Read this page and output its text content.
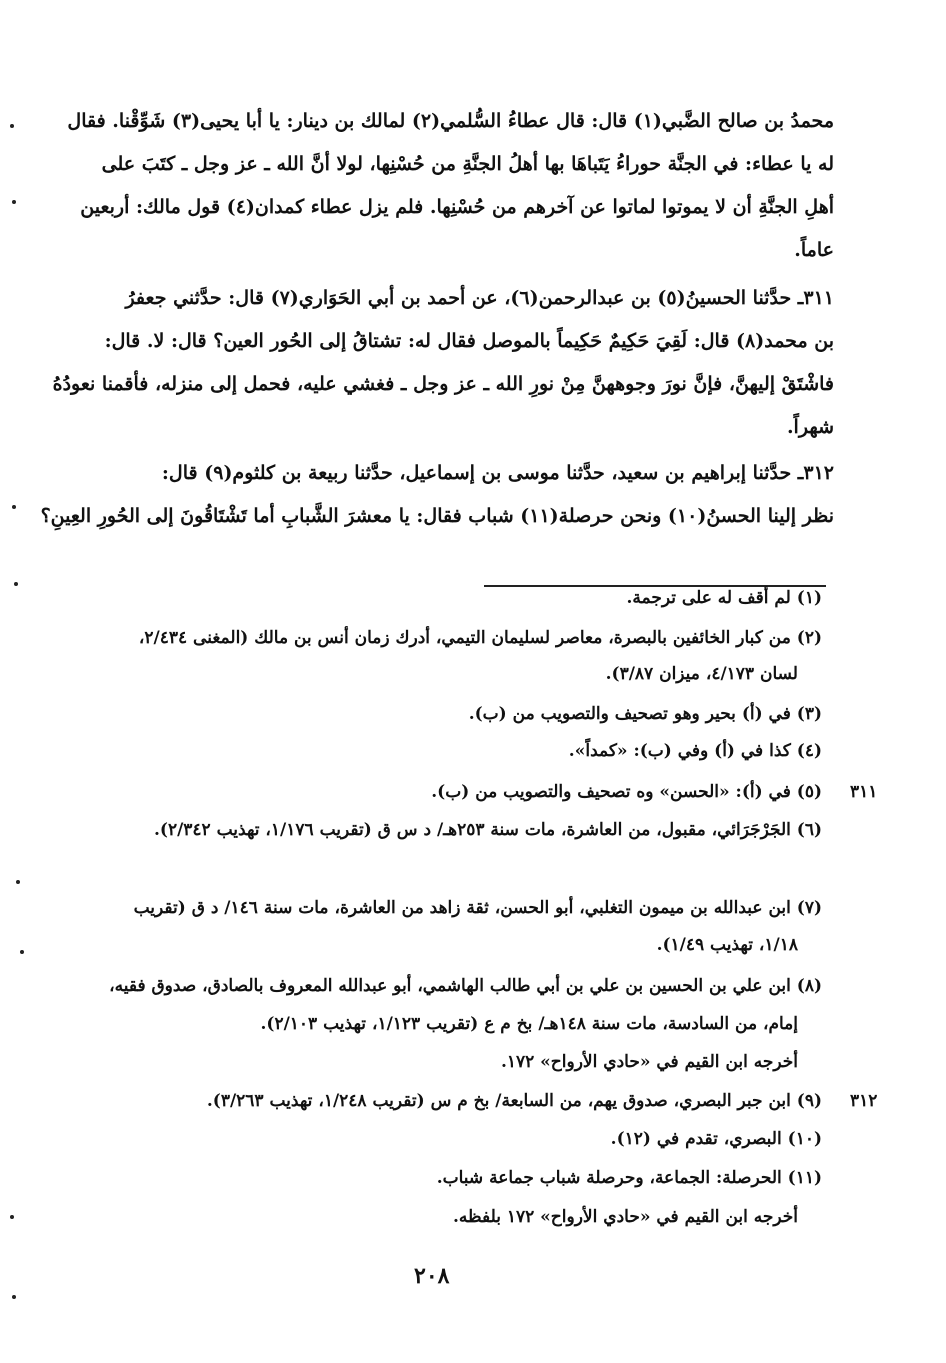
محمدُ بن صالح الضَّبي(١) قال: قال عطاءُ السُّلمي(٢) لمالك بن دينار: يا أبا يحيى(٣) شَوِّقْنا. فقال
له يا عطاء: في الجنَّة حوراءُ يَتَباهَا بها أهلُ الجنَّةِ من حُسْنِها، لولا أنَّ الله ـ عز وجل ـ كتَبَ على
أهلِ الجنَّةِ أن لا يموتوا لماتوا عن آخرهم من حُسْنِها. فلم يزل عطاء كمدان(٤) قول مالك: أربعين
عاماً.
٣١١ـ حدَّثنا الحسينُ(٥) بن عبدالرحمن(٦)، عن أحمد بن أبي الحَوَاري(٧) قال: حدَّثني جعفرُ
بن محمد(٨) قال: لَقِيَ حَكِيمٌ حَكِيماً بالموصل فقال له: تشتاقُ إلى الحُور العين؟ قال: لا. قال:
فاشْتَقْ إليهنَّ، فإنَّ نورَ وجوههنَّ مِنْ نورِ الله ـ عز وجل ـ فغشي عليه، فحمل إلى منزله، فأقمنا نعودُهُ
شهراً.
٣١٢ـ حدَّثنا إبراهيم بن سعيد، حدَّثنا موسى بن إسماعيل، حدَّثنا ربيعة بن كلثوم(٩) قال:
نظر إلينا الحسنُ(١٠) ونحن حرصلة(١١) شباب فقال: يا معشرَ الشَّبابِ أما تَشْتَاقُونَ إلى الحُورِ العِينِ؟
(١) لم أقف له على ترجمة.
(٢) من كبار الخائفين بالبصرة، معاصر لسليمان التيمي، أدرك زمان أنس بن مالك (المغنى ٢/٤٣٤،
لسان ٤/١٧٣، ميزان ٣/٨٧).
(٣) في (أ) بحير وهو تصحيف والتصويب من (ب).
(٤) كذا في (أ) وفي (ب): «كمداً».
(٥) في (أ): «الحسن» وه تصحيف والتصويب من (ب).
(٦) الجَرْجَرَائي، مقبول، من العاشرة، مات سنة ٢٥٣هـ/ د س ق (تقريب ١/١٧٦، تهذيب ٢/٣٤٢).
(٧) ابن عبدالله بن ميمون التغلبي، أبو الحسن، ثقة زاهد من العاشرة، مات سنة ١٤٦/ د ق (تقريب
١/١٨، تهذيب ١/٤٩).
(٨) ابن علي بن الحسين بن علي بن أبي طالب الهاشمي، أبو عبدالله المعروف بالصادق، صدوق فقيه،
إمام، من السادسة، مات سنة ١٤٨هـ/ بخ م ع (تقريب ١/١٢٣، تهذيب ٢/١٠٣).
أخرجه ابن القيم في «حادي الأرواح» ١٧٢.
(٩) ابن جبر البصري، صدوق يهم، من السابعة/ بخ م س (تقريب ١/٢٤٨، تهذيب ٣/٢٦٣).
(١٠) البصري، تقدم في (١٢).
(١١) الحرصلة: الجماعة، وحرصلة شباب جماعة شباب.
أخرجه ابن القيم في «حادي الأرواح» ١٧٢ بلفظه.
٣١١
٣١٢
٢٠٨
